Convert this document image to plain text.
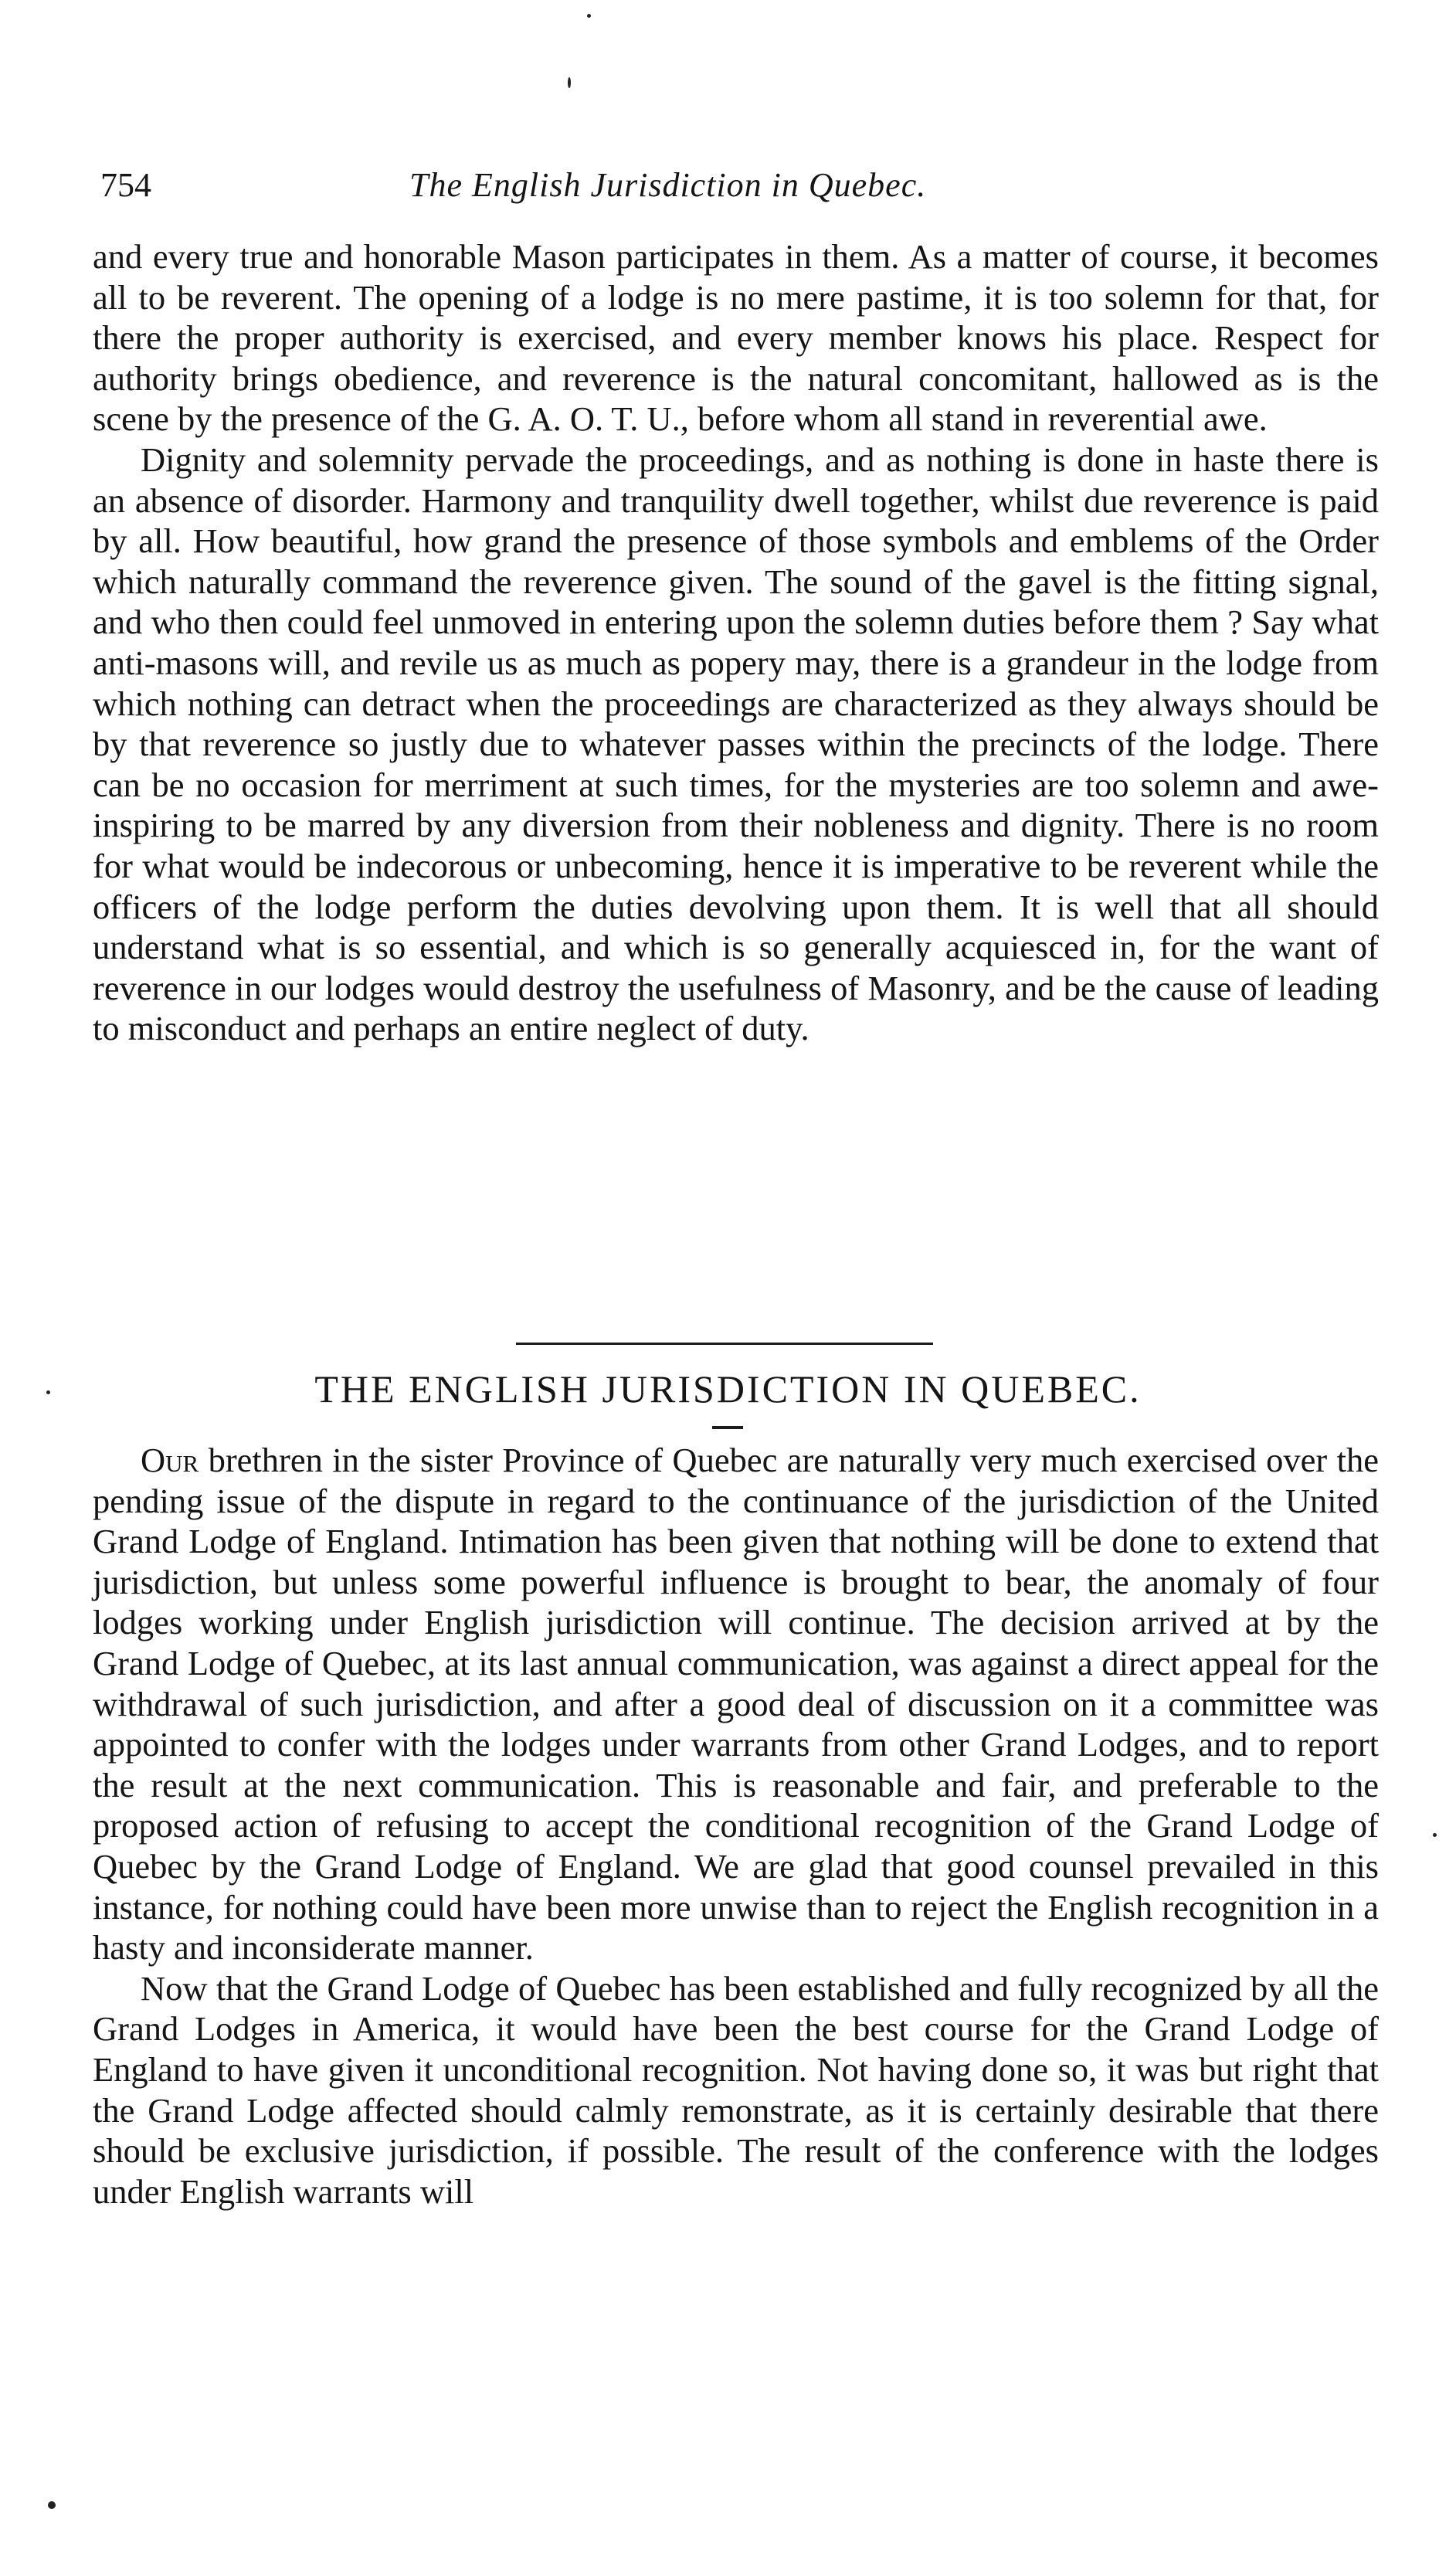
754	The English Jurisdiction in Quebec.

and every true and honorable Mason participates in them. As a matter of course, it becomes all to be reverent. The opening of a lodge is no mere pastime, it is too solemn for that, for there the proper authority is exercised, and every member knows his place. Respect for authority brings obedience, and reverence is the natural concomitant, hallowed as is the scene by the presence of the G. A. O. T. U., before whom all stand in reverential awe.

Dignity and solemnity pervade the proceedings, and as nothing is done in haste there is an absence of disorder. Harmony and tranquility dwell together, whilst due reverence is paid by all. How beautiful, how grand the presence of those symbols and emblems of the Order which naturally command the reverence given. The sound of the gavel is the fitting signal, and who then could feel unmoved in entering upon the solemn duties before them ? Say what anti-masons will, and revile us as much as popery may, there is a grandeur in the lodge from which nothing can detract when the proceedings are characterized as they always should be by that reverence so justly due to whatever passes within the precincts of the lodge. There can be no occasion for merriment at such times, for the mysteries are too solemn and awe-inspiring to be marred by any diversion from their nobleness and dignity. There is no room for what would be indecorous or unbecoming, hence it is imperative to be reverent while the officers of the lodge perform the duties devolving upon them. It is well that all should understand what is so essential, and which is so generally acquiesced in, for the want of reverence in our lodges would destroy the usefulness of Masonry, and be the cause of leading to misconduct and perhaps an entire neglect of duty.

THE ENGLISH JURISDICTION IN QUEBEC.

Our brethren in the sister Province of Quebec are naturally very much exercised over the pending issue of the dispute in regard to the continuance of the jurisdiction of the United Grand Lodge of England. Intimation has been given that nothing will be done to extend that jurisdiction, but unless some powerful influence is brought to bear, the anomaly of four lodges working under English jurisdiction will continue. The decision arrived at by the Grand Lodge of Quebec, at its last annual communication, was against a direct appeal for the withdrawal of such jurisdiction, and after a good deal of discussion on it a committee was appointed to confer with the lodges under warrants from other Grand Lodges, and to report the result at the next communication. This is reasonable and fair, and preferable to the proposed action of refusing to accept the conditional recognition of the Grand Lodge of Quebec by the Grand Lodge of England. We are glad that good counsel prevailed in this instance, for nothing could have been more unwise than to reject the English recognition in a hasty and inconsiderate manner.

Now that the Grand Lodge of Quebec has been established and fully recognized by all the Grand Lodges in America, it would have been the best course for the Grand Lodge of England to have given it unconditional recognition. Not having done so, it was but right that the Grand Lodge affected should calmly remonstrate, as it is certainly desirable that there should be exclusive jurisdiction, if possible. The result of the conference with the lodges under English warrants will
